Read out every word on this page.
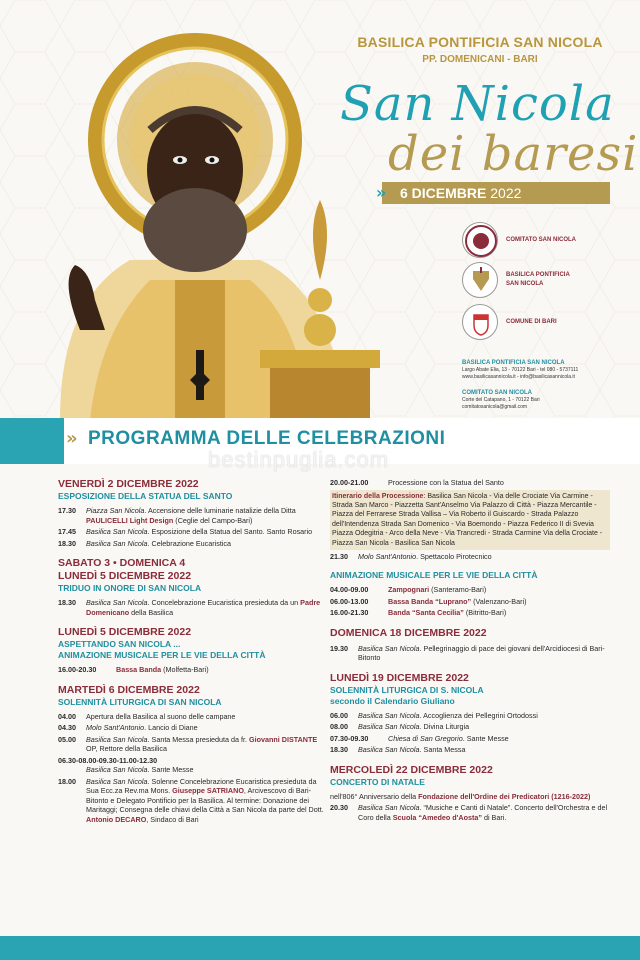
BASILICA PONTIFICIA SAN NICOLA
PP. DOMENICANI - BARI
San Nicola
dei baresi
» 6 DICEMBRE 2022
COMITATO SAN NICOLA
BASILICA PONTIFICIA SAN NICOLA
COMUNE DI BARI
BASILICA PONTIFICIA SAN NICOLA
Largo Abate Elia, 13 - 70122 Bari - tel 080 - 5737111
www.basilicasannicola.it - info@basilicasannicola.it
COMITATO SAN NICOLA
Corte del Catapano, 1 - 70122 Bari
comitatosanicola@gmail.com
» PROGRAMMA DELLE CELEBRAZIONI
bestinpuglia.com
VENERDÌ 2 DICEMBRE 2022
ESPOSIZIONE DELLA STATUA DEL SANTO
17.30	Piazza San Nicola. Accensione delle luminarie natalizie della Ditta PAULICELLI Light Design (Ceglie del Campo-Bari)
17.45	Basilica San Nicola. Esposizione della Statua del Santo. Santo Rosario
18.30	Basilica San Nicola. Celebrazione Eucaristica
SABATO 3 • DOMENICA 4
LUNEDÌ 5 DICEMBRE 2022
TRIDUO IN ONORE DI SAN NICOLA
18.30	Basilica San Nicola. Concelebrazione Eucaristica presieduta da un Padre Domenicano della Basilica
LUNEDÌ 5 DICEMBRE 2022
ASPETTANDO SAN NICOLA ...
ANIMAZIONE MUSICALE PER LE VIE DELLA CITTÀ
16.00-20.30	Bassa Banda (Molfetta-Bari)
MARTEDÌ 6 DICEMBRE 2022
SOLENNITÀ LITURGICA DI SAN NICOLA
04.00	Apertura della Basilica al suono delle campane
04.30	Molo Sant'Antonio. Lancio di Diane
05.00	Basilica San Nicola. Santa Messa presieduta da fr. Giovanni DISTANTE OP, Rettore della Basilica
06.30-08.00-09.30-11.00-12.30
Basilica San Nicola. Sante Messe
18.00	Basilica San Nicola. Solenne Concelebrazione Eucaristica presieduta da Sua Ecc.za Rev.ma Mons. Giuseppe SATRIANO, Arcivescovo di Bari-Bitonto e Delegato Pontificio per la Basilica. Al termine: Donazione dei Maritaggi; Consegna delle chiavi della Città a San Nicola da parte del Dott. Antonio DECARO, Sindaco di Bari
20.00-21.00	Processione con la Statua del Santo
Itinerario della Processione: Basilica San Nicola - Via delle Crociate Via Carmine - Strada San Marco - Piazzetta Sant'Anselmo Via Palazzo di Città - Piazza Mercantile - Piazza del Ferrarese Strada Vallisa – Via Roberto il Guiscardo - Strada Palazzo dell'Intendenza Strada San Domenico - Via Boemondo - Piazza Federico II di Svevia Piazza Odegitria - Arco della Neve - Via Trancredi - Strada Carmine Via della Crociate - Piazza San Nicola - Basilica San Nicola
21.30	Molo Sant'Antonio. Spettacolo Pirotecnico
ANIMAZIONE MUSICALE PER LE VIE DELLA CITTÀ
04.00-09.00	Zampognari (Santeramo-Bari)
06.00-13.00	Bassa Banda “Luprano” (Valenzano-Bari)
16.00-21.30	Banda “Santa Cecilia” (Bitritto-Bari)
DOMENICA 18 DICEMBRE 2022
19.30	Basilica San Nicola. Pellegrinaggio di pace dei giovani dell'Arcidiocesi di Bari-Bitonto
LUNEDÌ 19 DICEMBRE 2022
SOLENNITÀ LITURGICA DI S. NICOLA
secondo il Calendario Giuliano
06.00	Basilica San Nicola. Accoglienza dei Pellegrini Ortodossi
08.00	Basilica San Nicola. Divina Liturgia
07.30-09.30	Chiesa di San Gregorio. Sante Messe
18.30	Basilica San Nicola. Santa Messa
MERCOLEDÌ 22 DICEMBRE 2022
CONCERTO DI NATALE
nell'806° Anniversario della Fondazione dell'Ordine dei Predicatori (1216-2022)
20.30	Basilica San Nicola. “Musiche e Canti di Natale”. Concerto dell'Orchestra e del Coro della Scuola “Amedeo d'Aosta” di Bari.
